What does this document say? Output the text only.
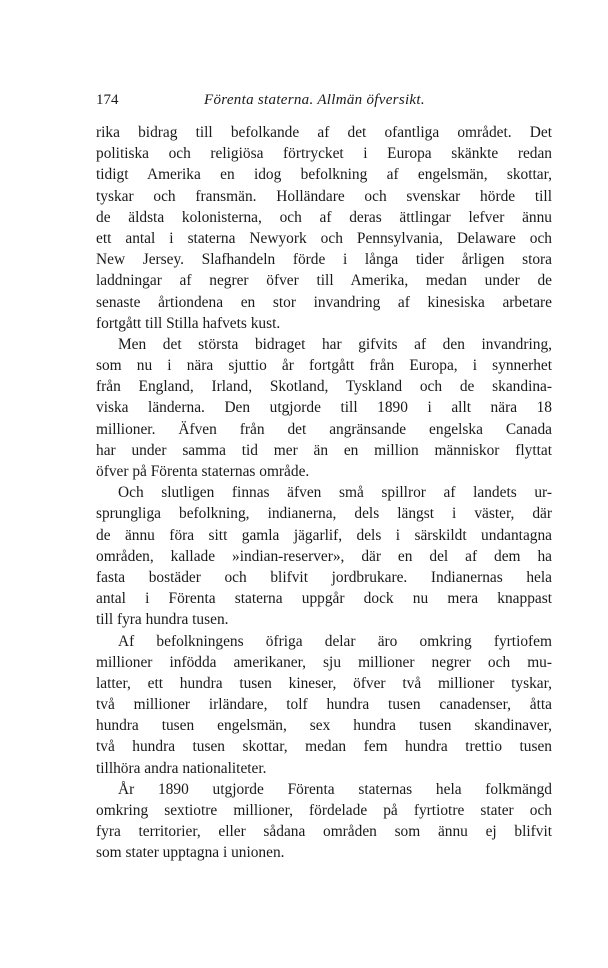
174	Förenta staterna. Allmän öfversikt.
rika bidrag till befolkande af det ofantliga området. Det
politiska och religiösa förtrycket i Europa skänkte redan
tidigt Amerika en idog befolkning af engelsmän, skottar,
tyskar och fransmän. Holländare och svenskar hörde till
de äldsta kolonisterna, och af deras ättlingar lefver ännu
ett antal i staterna Newyork och Pennsylvania, Delaware och
New Jersey. Slafhandeln förde i långa tider årligen stora
laddningar af negrer öfver till Amerika, medan under de
senaste årtiondena en stor invandring af kinesiska arbetare
fortgått till Stilla hafvets kust.
Men det största bidraget har gifvits af den invandring,
som nu i nära sjuttio år fortgått från Europa, i synnerhet
från England, Irland, Skotland, Tyskland och de skandina-
viska länderna. Den utgjorde till 1890 i allt nära 18
millioner. Äfven från det angränsande engelska Canada
har under samma tid mer än en million människor flyttat
öfver på Förenta staternas område.
Och slutligen finnas äfven små spillror af landets ur-
sprungliga befolkning, indianerna, dels längst i väster, där
de ännu föra sitt gamla jägarlif, dels i särskildt undantagna
områden, kallade »indian-reserver», där en del af dem ha
fasta bostäder och blifvit jordbrukare. Indianernas hela
antal i Förenta staterna uppgår dock nu mera knappast
till fyra hundra tusen.
Af befolkningens öfriga delar äro omkring fyrtiofem
millioner infödda amerikaner, sju millioner negrer och mu-
latter, ett hundra tusen kineser, öfver två millioner tyskar,
två millioner irländare, tolf hundra tusen canadenser, åtta
hundra tusen engelsmän, sex hundra tusen skandinaver,
två hundra tusen skottar, medan fem hundra trettio tusen
tillhöra andra nationaliteter.
År 1890 utgjorde Förenta staternas hela folkmängd
omkring sextiotre millioner, fördelade på fyrtiotre stater och
fyra territorier, eller sådana områden som ännu ej blifvit
som stater upptagna i unionen.
